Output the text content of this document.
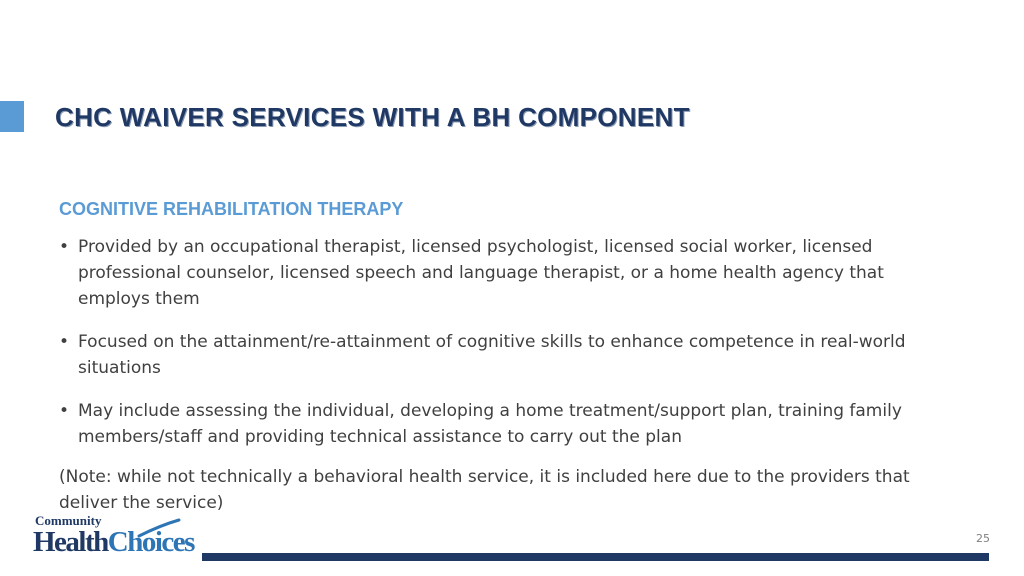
CHC WAIVER SERVICES WITH A BH COMPONENT
COGNITIVE REHABILITATION THERAPY
• Provided by an occupational therapist, licensed psychologist, licensed social worker, licensed professional counselor, licensed speech and language therapist, or a home health agency that employs them
• Focused on the attainment/re-attainment of cognitive skills to enhance competence in real-world situations
• May include assessing the individual, developing a home treatment/support plan, training family members/staff and providing technical assistance to carry out the plan

(Note: while not technically a behavioral health service, it is included here due to the providers that deliver the service)

Community
HealthChoices	25
